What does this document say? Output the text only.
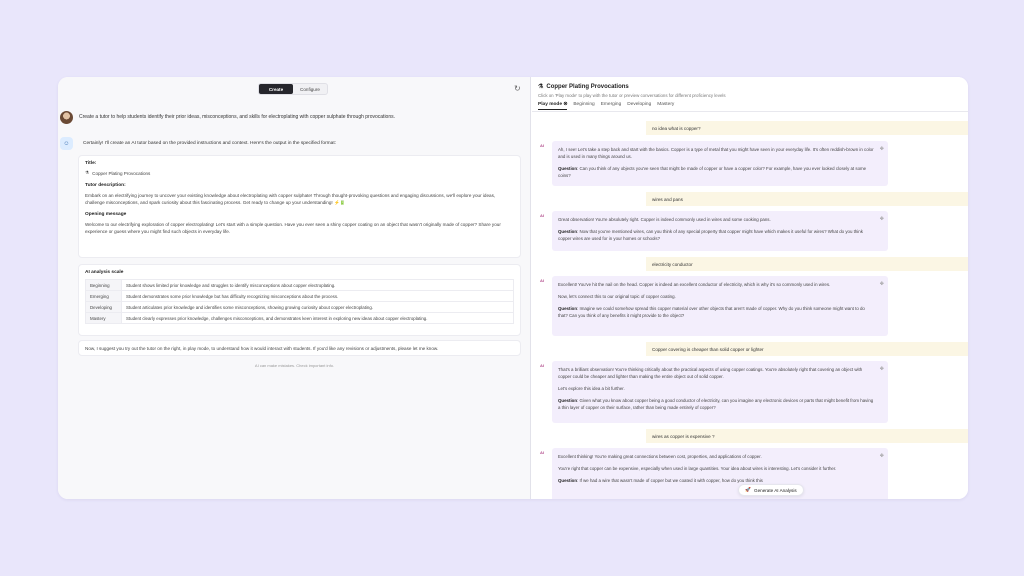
Create	Configure	↻
Create a tutor to help students identify their prior ideas, misconceptions, and skills for electroplating with copper sulphate through provocations.
☺	Certainly! I'll create an AI tutor based on the provided instructions and context. Here's the output in the specified format:
Title:
⚗ Copper Plating Provocations
Tutor description:
Embark on an electrifying journey to uncover your existing knowledge about electroplating with copper sulphate! Through thought-provoking questions and engaging discussions, we'll explore your ideas, challenge misconceptions, and spark curiosity about this fascinating process. Get ready to change up your understanding! ⚡🔋
Opening message
Welcome to our electrifying exploration of copper electroplating! Let's start with a simple question. Have you ever seen a shiny copper coating on an object that wasn't originally made of copper? Share your experience or guess where you might find such objects in everyday life.
AI analysis scale
Beginning	Student shows limited prior knowledge and struggles to identify misconceptions about copper electroplating.
Emerging	Student demonstrates some prior knowledge but has difficulty recognizing misconceptions about the process.
Developing	Student articulates prior knowledge and identifies some misconceptions, showing growing curiosity about copper electroplating.
Mastery	Student clearly expresses prior knowledge, challenges misconceptions, and demonstrates keen interest in exploring new ideas about copper electroplating.
Now, I suggest you try out the tutor on the right, in play mode, to understand how it would interact with students. If you'd like any revisions or adjustments, please let me know.
AI can make mistakes. Check important info.
⚗ Copper Plating Provocations
Click on 'Play mode' to play with the tutor or preview conversations for different proficiency levels
Play mode ⊗ Beginning Emerging Developing Mastery
no idea what is copper?
AI

Ah, I see! Let's take a step back and start with the basics. Copper is a type of metal that you might have seen in your everyday life. It's often reddish-brown in color and is used in many things around us.

Question: Can you think of any objects you've seen that might be made of copper or have a copper color? For example, have you ever looked closely at some coins?

✥
wires and pans
AI

Great observation! You're absolutely right. Copper is indeed commonly used in wires and some cooking pans.

Question: Now that you've mentioned wires, can you think of any special property that copper might have which makes it useful for wires? What do you think copper wires are used for in your homes or schools?

✥
electricity conductor
AI

Excellent! You've hit the nail on the head. Copper is indeed an excellent conductor of electricity, which is why it's so commonly used in wires.

Now, let's connect this to our original topic of copper coating.

Question: Imagine we could somehow spread this copper material over other objects that aren't made of copper. Why do you think someone might want to do that? Can you think of any benefits it might provide to the object?

✥
Copper covering is cheaper than solid copper or lighter
AI

That's a brilliant observation! You're thinking critically about the practical aspects of using copper coatings. You're absolutely right that covering an object with copper could be cheaper and lighter than making the entire object out of solid copper.

Let's explore this idea a bit further.

Question: Given what you know about copper being a good conductor of electricity, can you imagine any electronic devices or parts that might benefit from having a thin layer of copper on their surface, rather than being made entirely of copper?

✥
wires as copper is expensive ?
AI

Excellent thinking! You're making great connections between cost, properties, and applications of copper.

You're right that copper can be expensive, especially when used in large quantities. Your idea about wires is interesting. Let's consider it further.

Question: If we had a wire that wasn't made of copper but we coated it with copper, how do you think this

✥
🚀 Generate AI Analysis
